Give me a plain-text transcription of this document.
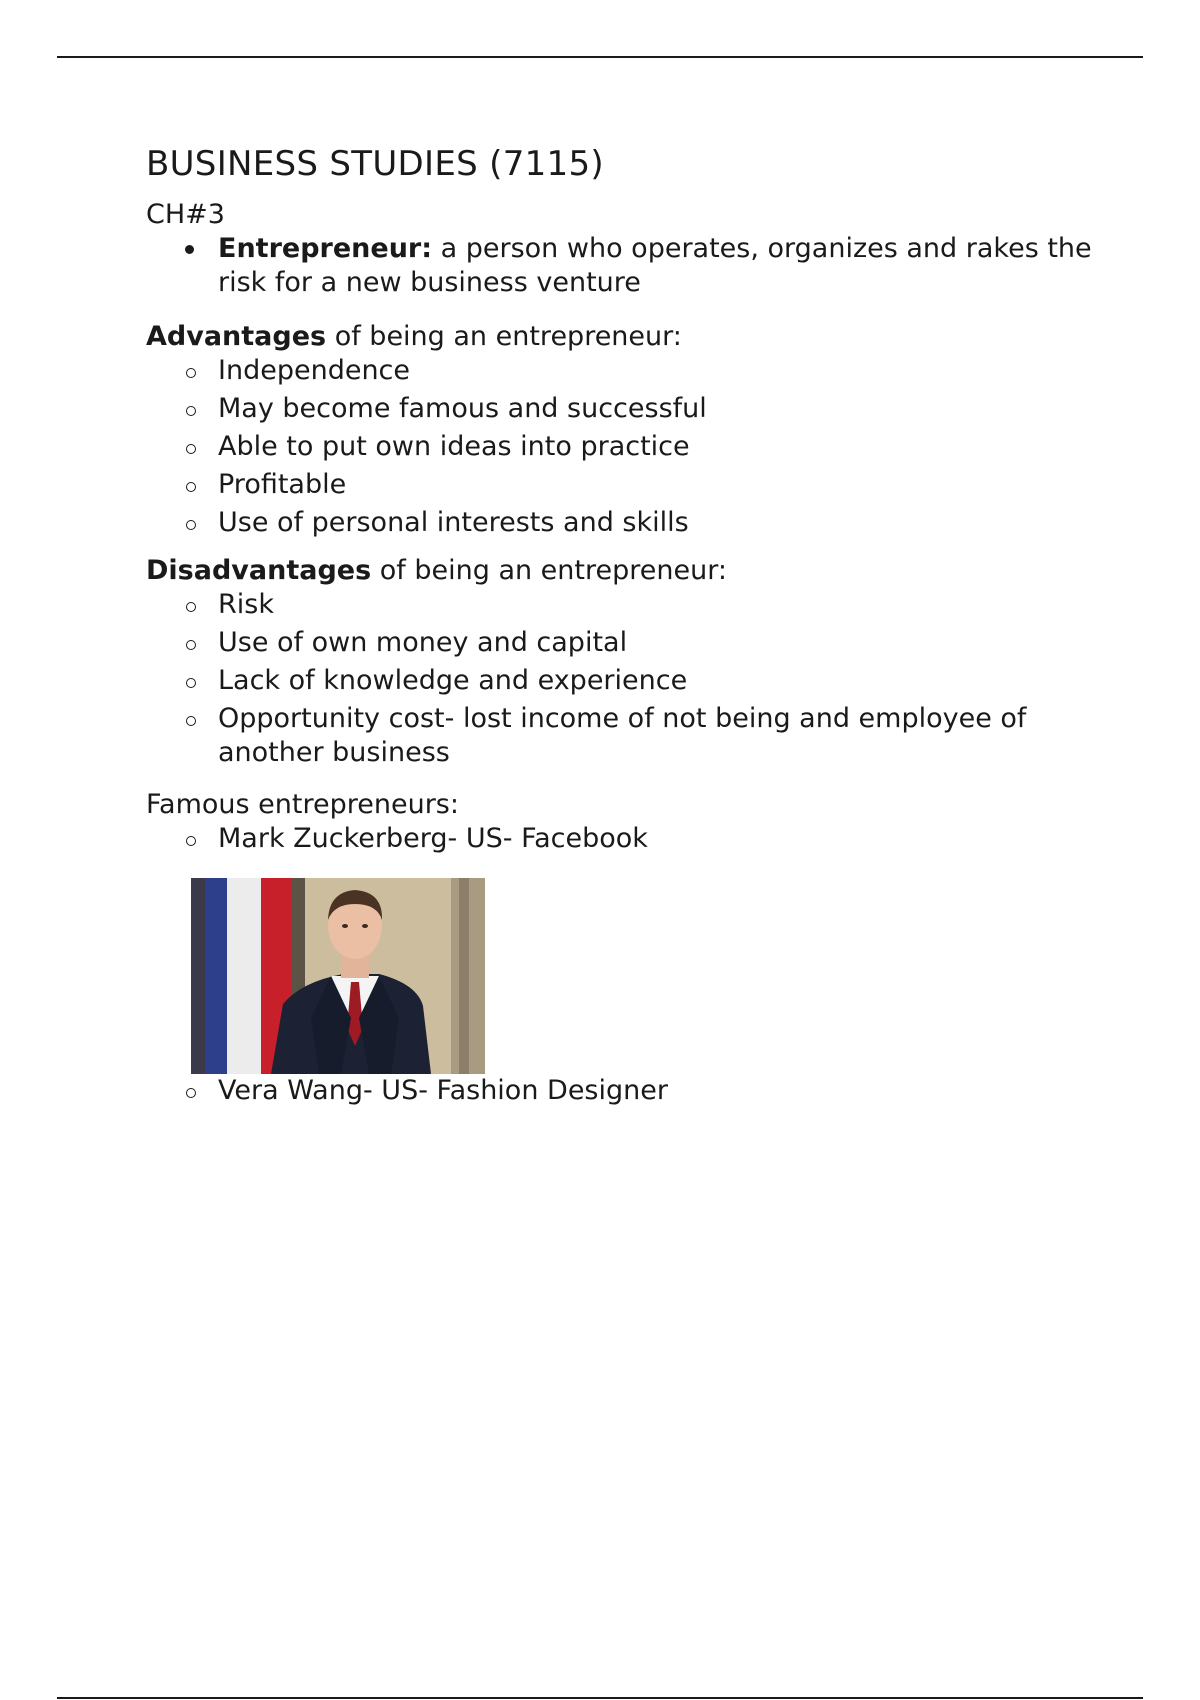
BUSINESS STUDIES (7115)

CH#3

Entrepreneur: a person who operates, organizes and rakes the risk for a new business venture

Advantages of being an entrepreneur:

Independence
May become famous and successful
Able to put own ideas into practice
Profitable
Use of personal interests and skills

Disadvantages of being an entrepreneur:

Risk
Use of own money and capital
Lack of knowledge and experience
Opportunity cost- lost income of not being and employee of another business

Famous entrepreneurs:

Mark Zuckerberg- US- Facebook
Vera Wang- US- Fashion Designer
